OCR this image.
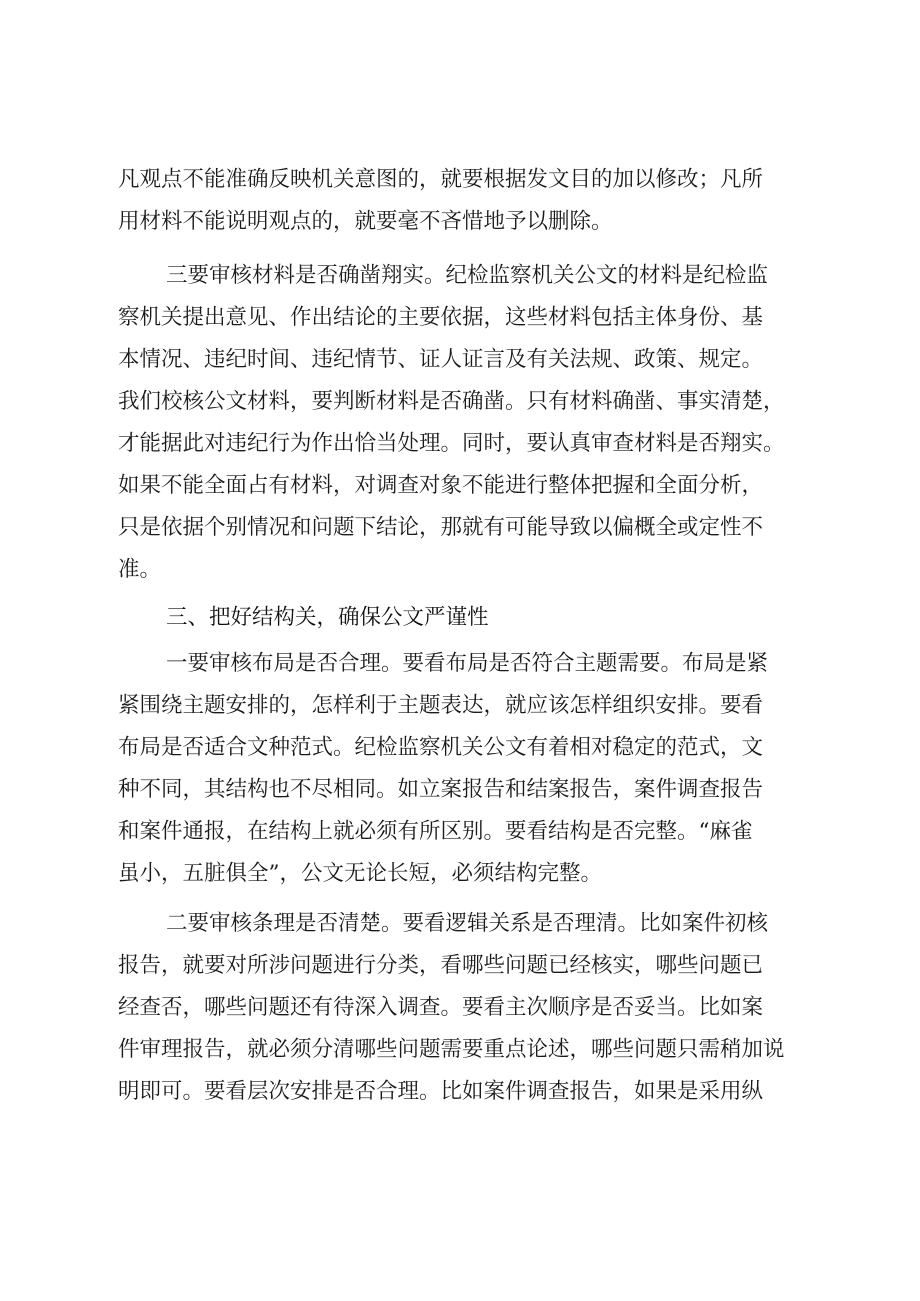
凡观点不能准确反映机关意图的，就要根据发文目的加以修改；凡所
用材料不能说明观点的，就要毫不吝惜地予以删除。
三要审核材料是否确凿翔实。纪检监察机关公文的材料是纪检监
察机关提出意见、作出结论的主要依据，这些材料包括主体身份、基
本情况、违纪时间、违纪情节、证人证言及有关法规、政策、规定。
我们校核公文材料，要判断材料是否确凿。只有材料确凿、事实清楚，
才能据此对违纪行为作出恰当处理。同时，要认真审查材料是否翔实。
如果不能全面占有材料，对调查对象不能进行整体把握和全面分析，
只是依据个别情况和问题下结论，那就有可能导致以偏概全或定性不
准。
三、把好结构关，确保公文严谨性
一要审核布局是否合理。要看布局是否符合主题需要。布局是紧
紧围绕主题安排的，怎样利于主题表达，就应该怎样组织安排。要看
布局是否适合文种范式。纪检监察机关公文有着相对稳定的范式，文
种不同，其结构也不尽相同。如立案报告和结案报告，案件调查报告
和案件通报，在结构上就必须有所区别。要看结构是否完整。“麻雀
虽小，五脏俱全”，公文无论长短，必须结构完整。
二要审核条理是否清楚。要看逻辑关系是否理清。比如案件初核
报告，就要对所涉问题进行分类，看哪些问题已经核实，哪些问题已
经查否，哪些问题还有待深入调查。要看主次顺序是否妥当。比如案
件审理报告，就必须分清哪些问题需要重点论述，哪些问题只需稍加说
明即可。要看层次安排是否合理。比如案件调查报告，如果是采用纵
